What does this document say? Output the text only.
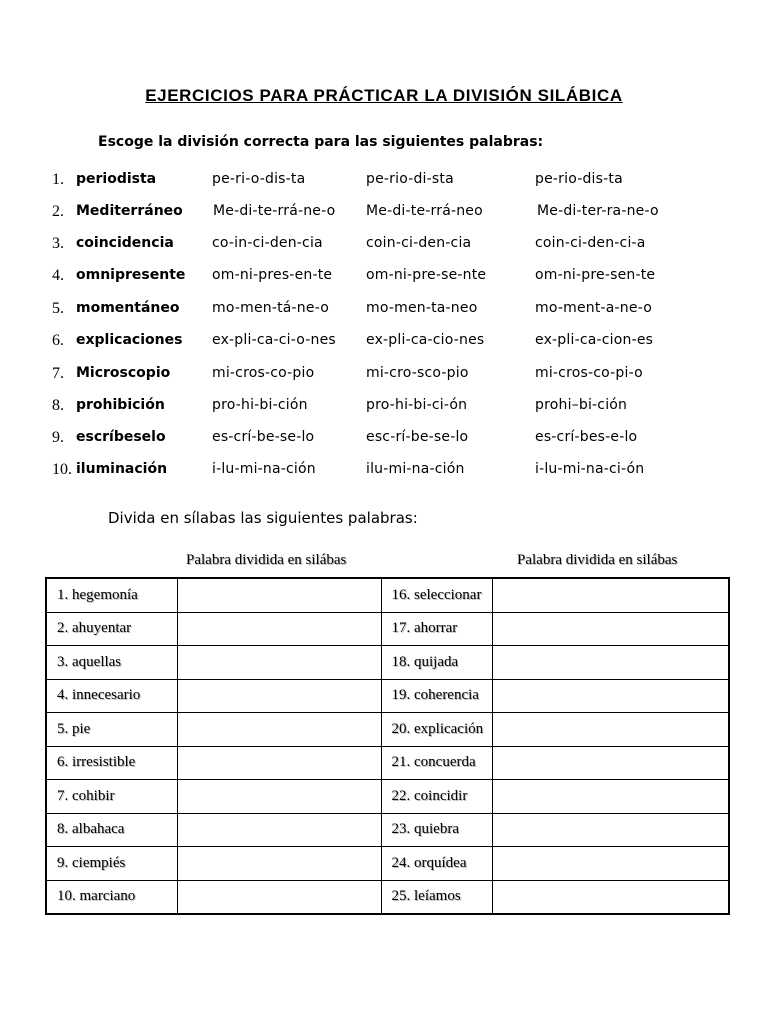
EJERCICIOS PARA PRÁCTICAR LA DIVISIÓN SILÁBICA
Escoge la división correcta para las siguientes palabras:
1. periodista	pe-ri-o-dis-ta	pe-rio-di-sta	pe-rio-dis-ta
2. Mediterráneo Me-di-te-rrá-ne-o Me-di-te-rrá-neo	Me-di-ter-ra-ne-o
3. coincidencia	co-in-ci-den-cia	coin-ci-den-cia	coin-ci-den-ci-a
4. omnipresente om-ni-pres-en-te om-ni-pre-se-nte	om-ni-pre-sen-te
5. momentáneo mo-men-tá-ne-o	mo-men-ta-neo	mo-ment-a-ne-o
6. explicaciones ex-pli-ca-ci-o-nes ex-pli-ca-cio-nes	ex-pli-ca-cion-es
7. Microscopio	mi-cros-co-pio	mi-cro-sco-pio	mi-cros-co-pi-o
8. prohibición	pro-hi-bi-ción	pro-hi-bi-ci-ón	prohi–bi-ción
9. escríbeselo	es-crí-be-se-lo	esc-rí-be-se-lo	es-crí-bes-e-lo
10. iluminación	i-lu-mi-na-ción	ilu-mi-na-ción	i-lu-mi-na-ci-ón
Divida en sílabas las siguientes palabras:
Palabra dividida en silábas	Palabra dividida en silábas
1. hegemonía		16. seleccionar	
2. ahuyentar		17. ahorrar	
3. aquellas		18. quijada	
4. innecesario		19. coherencia	
5. pie		20. explicación	
6. irresistible		21. concuerda	
7. cohibir		22. coincidir	
8. albahaca		23. quiebra	
9. ciempiés		24. orquídea	
10. marciano		25. leíamos	
